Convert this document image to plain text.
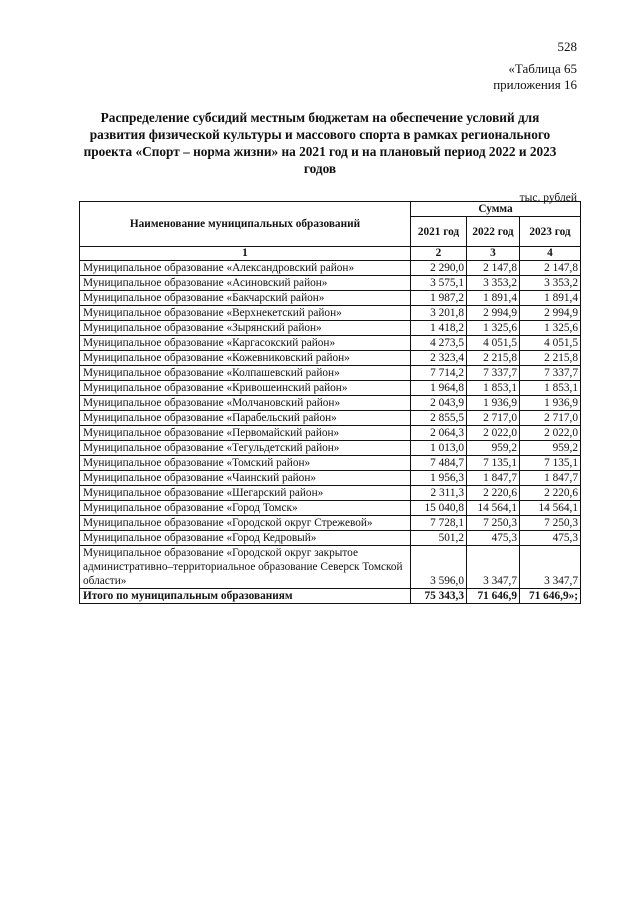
528
«Таблица 65
приложения 16
Распределение субсидий местным бюджетам на обеспечение условий для
развития физической культуры и массового спорта в рамках регионального
проекта «Спорт – норма жизни» на 2021 год и на плановый период 2022 и 2023
годов
тыс. рублей
Наименование муниципальных образований	Сумма		
	2021 год	2022 год	2023 год
1	2	3	4
Муниципальное образование «Александровский район»	2 290,0	2 147,8	2 147,8
Муниципальное образование «Асиновский район»	3 575,1	3 353,2	3 353,2
Муниципальное образование «Бакчарский район»	1 987,2	1 891,4	1 891,4
Муниципальное образование «Верхнекетский район»	3 201,8	2 994,9	2 994,9
Муниципальное образование «Зырянский район»	1 418,2	1 325,6	1 325,6
Муниципальное образование «Каргасокский район»	4 273,5	4 051,5	4 051,5
Муниципальное образование «Кожевниковский район»	2 323,4	2 215,8	2 215,8
Муниципальное образование «Колпашевский район»	7 714,2	7 337,7	7 337,7
Муниципальное образование «Кривошеинский район»	1 964,8	1 853,1	1 853,1
Муниципальное образование «Молчановский район»	2 043,9	1 936,9	1 936,9
Муниципальное образование «Парабельский район»	2 855,5	2 717,0	2 717,0
Муниципальное образование «Первомайский район»	2 064,3	2 022,0	2 022,0
Муниципальное образование «Тегульдетский район»	1 013,0	959,2	959,2
Муниципальное образование «Томский район»	7 484,7	7 135,1	7 135,1
Муниципальное образование «Чаинский район»	1 956,3	1 847,7	1 847,7
Муниципальное образование «Шегарский район»	2 311,3	2 220,6	2 220,6
Муниципальное образование «Город Томск»	15 040,8	14 564,1	14 564,1
Муниципальное образование «Городской округ Стрежевой»	7 728,1	7 250,3	7 250,3
Муниципальное образование «Город Кедровый»	501,2	475,3	475,3
Муниципальное образование «Городской округ закрытое административно–территориальное образование Северск Томской области»	3 596,0	3 347,7	3 347,7
Итого по муниципальным образованиям	75 343,3	71 646,9	71 646,9»;
